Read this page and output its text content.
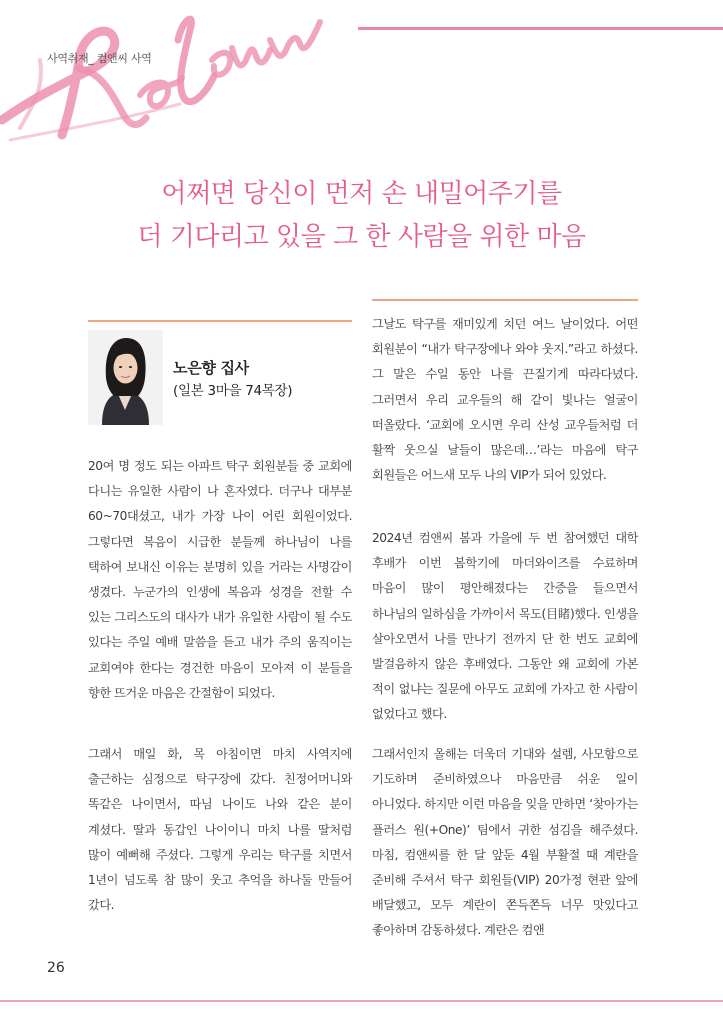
사역취재_ 컴앤씨 사역
어쩌면 당신이 먼저 손 내밀어주기를
더 기다리고 있을 그 한 사람을 위한 마음
노은향 집사
(일본 3마을 74목장)

20여 명 정도 되는 아파트 탁구 회원분들 중 교회에 다니는 유일한 사람이 나 혼자였다. 더구나 대부분 60~70대셨고, 내가 가장 나이 어린 회원이었다. 그렇다면 복음이 시급한 분들께 하나님이 나를 택하여 보내신 이유는 분명히 있을 거라는 사명감이 생겼다. 누군가의 인생에 복음과 성경을 전할 수 있는 그리스도의 대사가 내가 유일한 사람이 될 수도 있다는 주일 예배 말씀을 듣고 내가 주의 움직이는 교회여야 한다는 경건한 마음이 모아져 이 분들을 향한 뜨거운 마음은 간절함이 되었다.

그래서 매일 화, 목 아침이면 마치 사역지에 출근하는 심정으로 탁구장에 갔다. 친정어머니와 똑같은 나이면서, 따님 나이도 나와 같은 분이 계셨다. 딸과 동갑인 나이이니 마치 나를 딸처럼 많이 예뻐해 주셨다. 그렇게 우리는 탁구를 치면서 1년이 넘도록 참 많이 웃고 추억을 하나둘 만들어 갔다.

그날도 탁구를 재미있게 치던 여느 날이었다. 어떤 회원분이 “내가 탁구장에나 와야 웃지.”라고 하셨다. 그 말은 수일 동안 나를 끈질기게 따라다녔다. 그러면서 우리 교우들의 해 같이 빛나는 얼굴이 떠올랐다. ‘교회에 오시면 우리 산성 교우들처럼 더 활짝 웃으실 날들이 많은데…’라는 마음에 탁구 회원들은 어느새 모두 나의 VIP가 되어 있었다.

2024년 컴앤씨 봄과 가을에 두 번 참여했던 대학 후배가 이번 봄학기에 마더와이즈를 수료하며 마음이 많이 평안해졌다는 간증을 들으면서 하나님의 일하심을 가까이서 목도(目睹)했다. 인생을 살아오면서 나를 만나기 전까지 단 한 번도 교회에 발걸음하지 않은 후배였다. 그동안 왜 교회에 가본 적이 없냐는 질문에 아무도 교회에 가자고 한 사람이 없었다고 했다.

그래서인지 올해는 더욱더 기대와 설렘, 사모함으로 기도하며 준비하였으나 마음만큼 쉬운 일이 아니었다. 하지만 이런 마음을 잊을 만하면 ‘찾아가는 플러스 원(+One)’ 팀에서 귀한 섬김을 해주셨다. 마침, 컴앤씨를 한 달 앞둔 4월 부활절 때 계란을 준비해 주셔서 탁구 회원들(VIP) 20가정 현관 앞에 배달했고, 모두 계란이 쫀득쫀득 너무 맛있다고 좋아하며 감동하셨다. 계란은 컴앤

26
